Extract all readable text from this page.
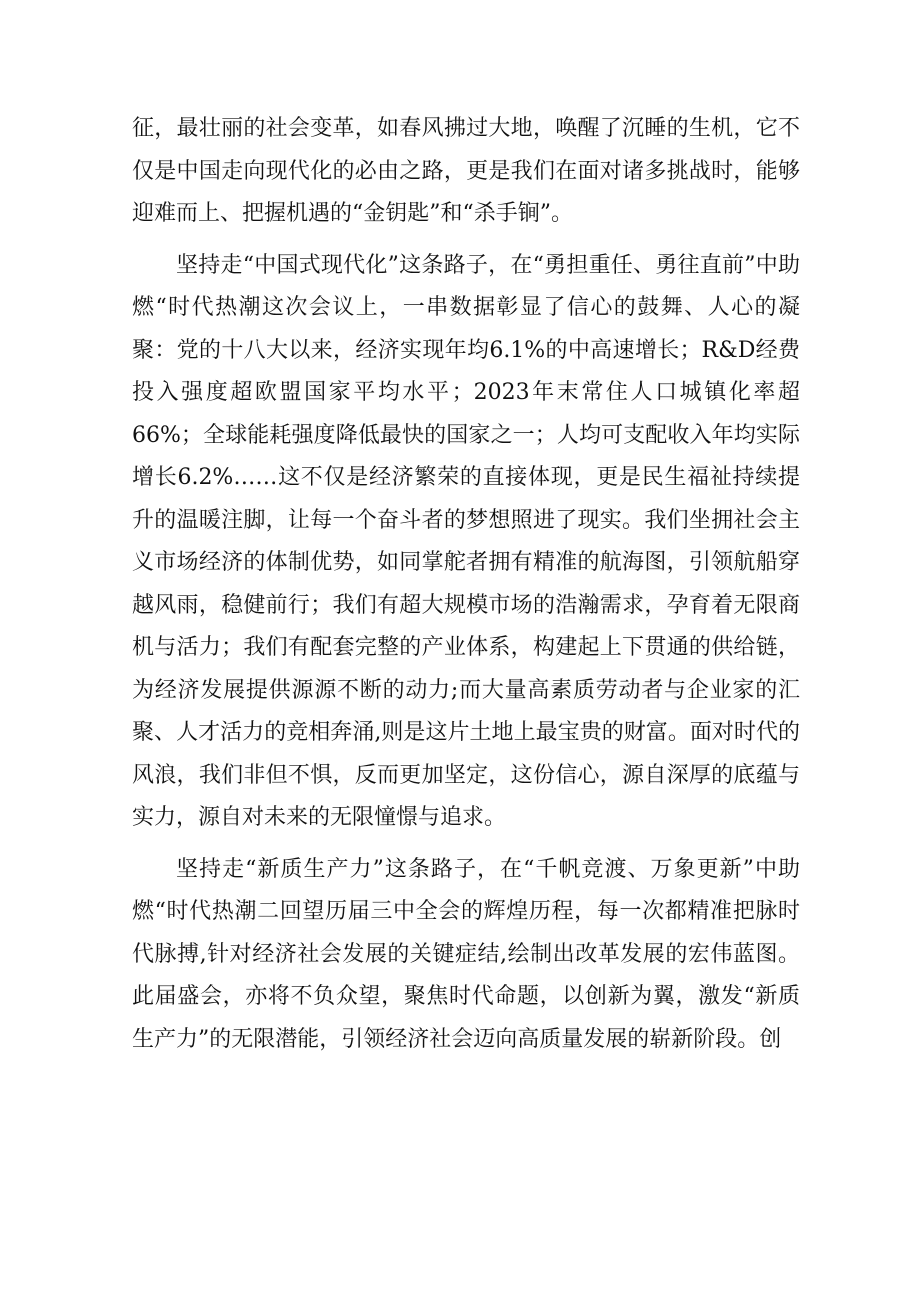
征，最壮丽的社会变革，如春风拂过大地，唤醒了沉睡的生机，它不仅是中国走向现代化的必由之路，更是我们在面对诸多挑战时，能够迎难而上、把握机遇的“金钥匙”和“杀手锏”。

坚持走“中国式现代化”这条路子，在“勇担重任、勇往直前”中助燃“时代热潮这次会议上，一串数据彰显了信心的鼓舞、人心的凝聚：党的十八大以来，经济实现年均6.1%的中高速增长；R&D经费投入强度超欧盟国家平均水平；2023年末常住人口城镇化率超66%；全球能耗强度降低最快的国家之一；人均可支配收入年均实际增长6.2%……这不仅是经济繁荣的直接体现，更是民生福祉持续提升的温暖注脚，让每一个奋斗者的梦想照进了现实。我们坐拥社会主义市场经济的体制优势，如同掌舵者拥有精准的航海图，引领航船穿越风雨，稳健前行；我们有超大规模市场的浩瀚需求，孕育着无限商机与活力；我们有配套完整的产业体系，构建起上下贯通的供给链，为经济发展提供源源不断的动力;而大量高素质劳动者与企业家的汇聚、人才活力的竞相奔涌,则是这片土地上最宝贵的财富。面对时代的风浪，我们非但不惧，反而更加坚定，这份信心，源自深厚的底蕴与实力，源自对未来的无限憧憬与追求。

坚持走“新质生产力”这条路子，在“千帆竞渡、万象更新”中助燃“时代热潮二回望历届三中全会的辉煌历程，每一次都精准把脉时代脉搏,针对经济社会发展的关键症结,绘制出改革发展的宏伟蓝图。此届盛会，亦将不负众望，聚焦时代命题，以创新为翼，激发“新质生产力”的无限潜能，引领经济社会迈向高质量发展的崭新阶段。创
